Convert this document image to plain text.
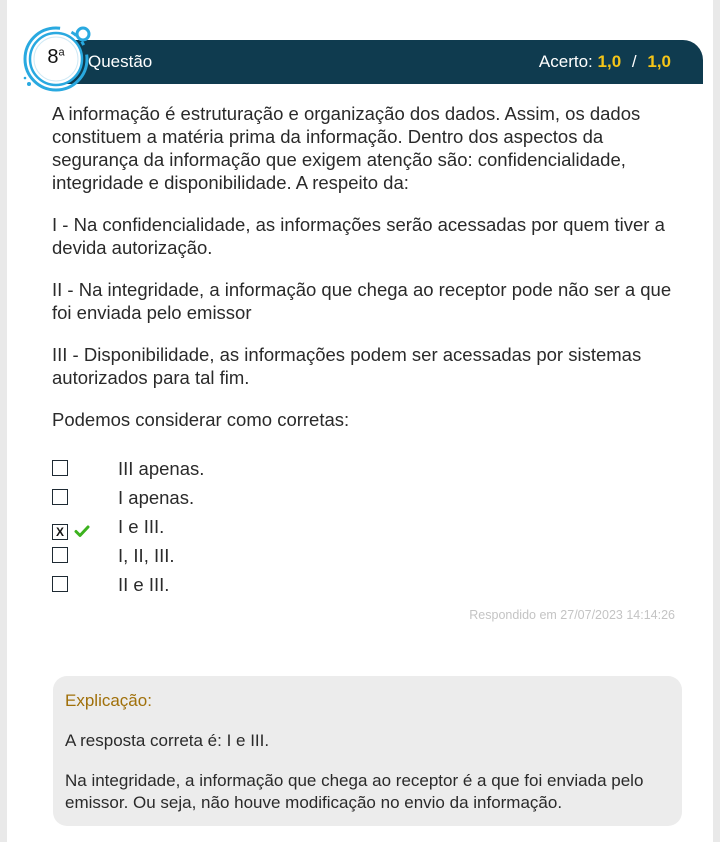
Questão	Acerto: 1,0 / 1,0
8$^a$

A informação é estruturação e organização dos dados. Assim, os dados constituem a matéria prima da informação. Dentro dos aspectos da segurança da informação que exigem atenção são: confidencialidade, integridade e disponibilidade. A respeito da:

I - Na confidencialidade, as informações serão acessadas por quem tiver a devida autorização.

II - Na integridade, a informação que chega ao receptor pode não ser a que foi enviada pelo emissor

III - Disponibilidade, as informações podem ser acessadas por sistemas autorizados para tal fim.

Podemos considerar como corretas:

III apenas.
I apenas.
X	I e III.
I, II, III.
II e III.
Respondido em 27/07/2023 14:14:26
Explicação:
A resposta correta é: I e III.
Na integridade, a informação que chega ao receptor é a que foi enviada pelo emissor. Ou seja, não houve modificação no envio da informação.
